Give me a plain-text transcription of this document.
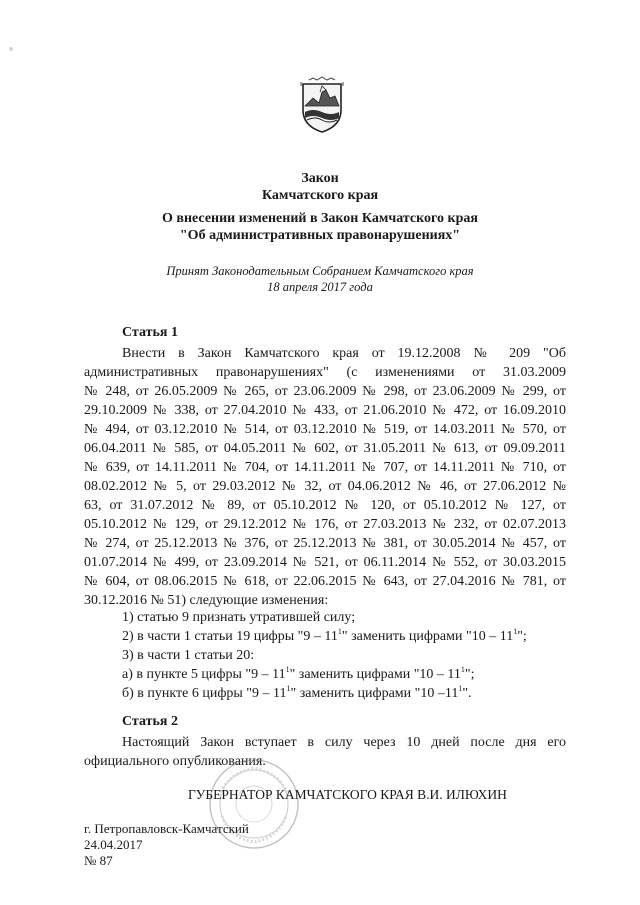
Закон
Камчатского края
О внесении изменений в Закон Камчатского края
"Об административных правонарушениях"
Принят Законодательным Собранием Камчатского края
18 апреля 2017 года
Статья 1
Внести в Закон Камчатского края от 19.12.2008 № 209 "Об
административных правонарушениях" (с изменениями от 31.03.2009
№ 248, от 26.05.2009 № 265, от 23.06.2009 № 298, от 23.06.2009 № 299, от
29.10.2009 № 338, от 27.04.2010 № 433, от 21.06.2010 № 472, от 16.09.2010
№ 494, от 03.12.2010 № 514, от 03.12.2010 № 519, от 14.03.2011 № 570, от
06.04.2011 № 585, от 04.05.2011 № 602, от 31.05.2011 № 613, от 09.09.2011
№ 639, от 14.11.2011 № 704, от 14.11.2011 № 707, от 14.11.2011 № 710, от
08.02.2012 № 5, от 29.03.2012 № 32, от 04.06.2012 № 46, от 27.06.2012 №
63, от 31.07.2012 № 89, от 05.10.2012 № 120, от 05.10.2012 № 127, от
05.10.2012 № 129, от 29.12.2012 № 176, от 27.03.2013 № 232, от 02.07.2013
№ 274, от 25.12.2013 № 376, от 25.12.2013 № 381, от 30.05.2014 № 457, от
01.07.2014 № 499, от 23.09.2014 № 521, от 06.11.2014 № 552, от 30.03.2015
№ 604, от 08.06.2015 № 618, от 22.06.2015 № 643, от 27.04.2016 № 781, от
30.12.2016 № 51) следующие изменения:
1) статью 9 признать утратившей силу;
2) в части 1 статьи 19 цифры "$9 - 11^1$" заменить цифрами "$10 - 11^1$";
3) в части 1 статьи 20:
а) в пункте 5 цифры "$9 - 11^1$" заменить цифрами "$10 - 11^1$";
б) в пункте 6 цифры "$9 - 11^1$" заменить цифрами "10 $-11^1$".
Статья 2
Настоящий Закон вступает в силу через 10 дней после дня его
официального опубликования.
ГУБЕРНАТОР КАМЧАТСКОГО КРАЯ В.И. ИЛЮХИН
г. Петропавловск-Камчатский
24.04.2017
№ 87
